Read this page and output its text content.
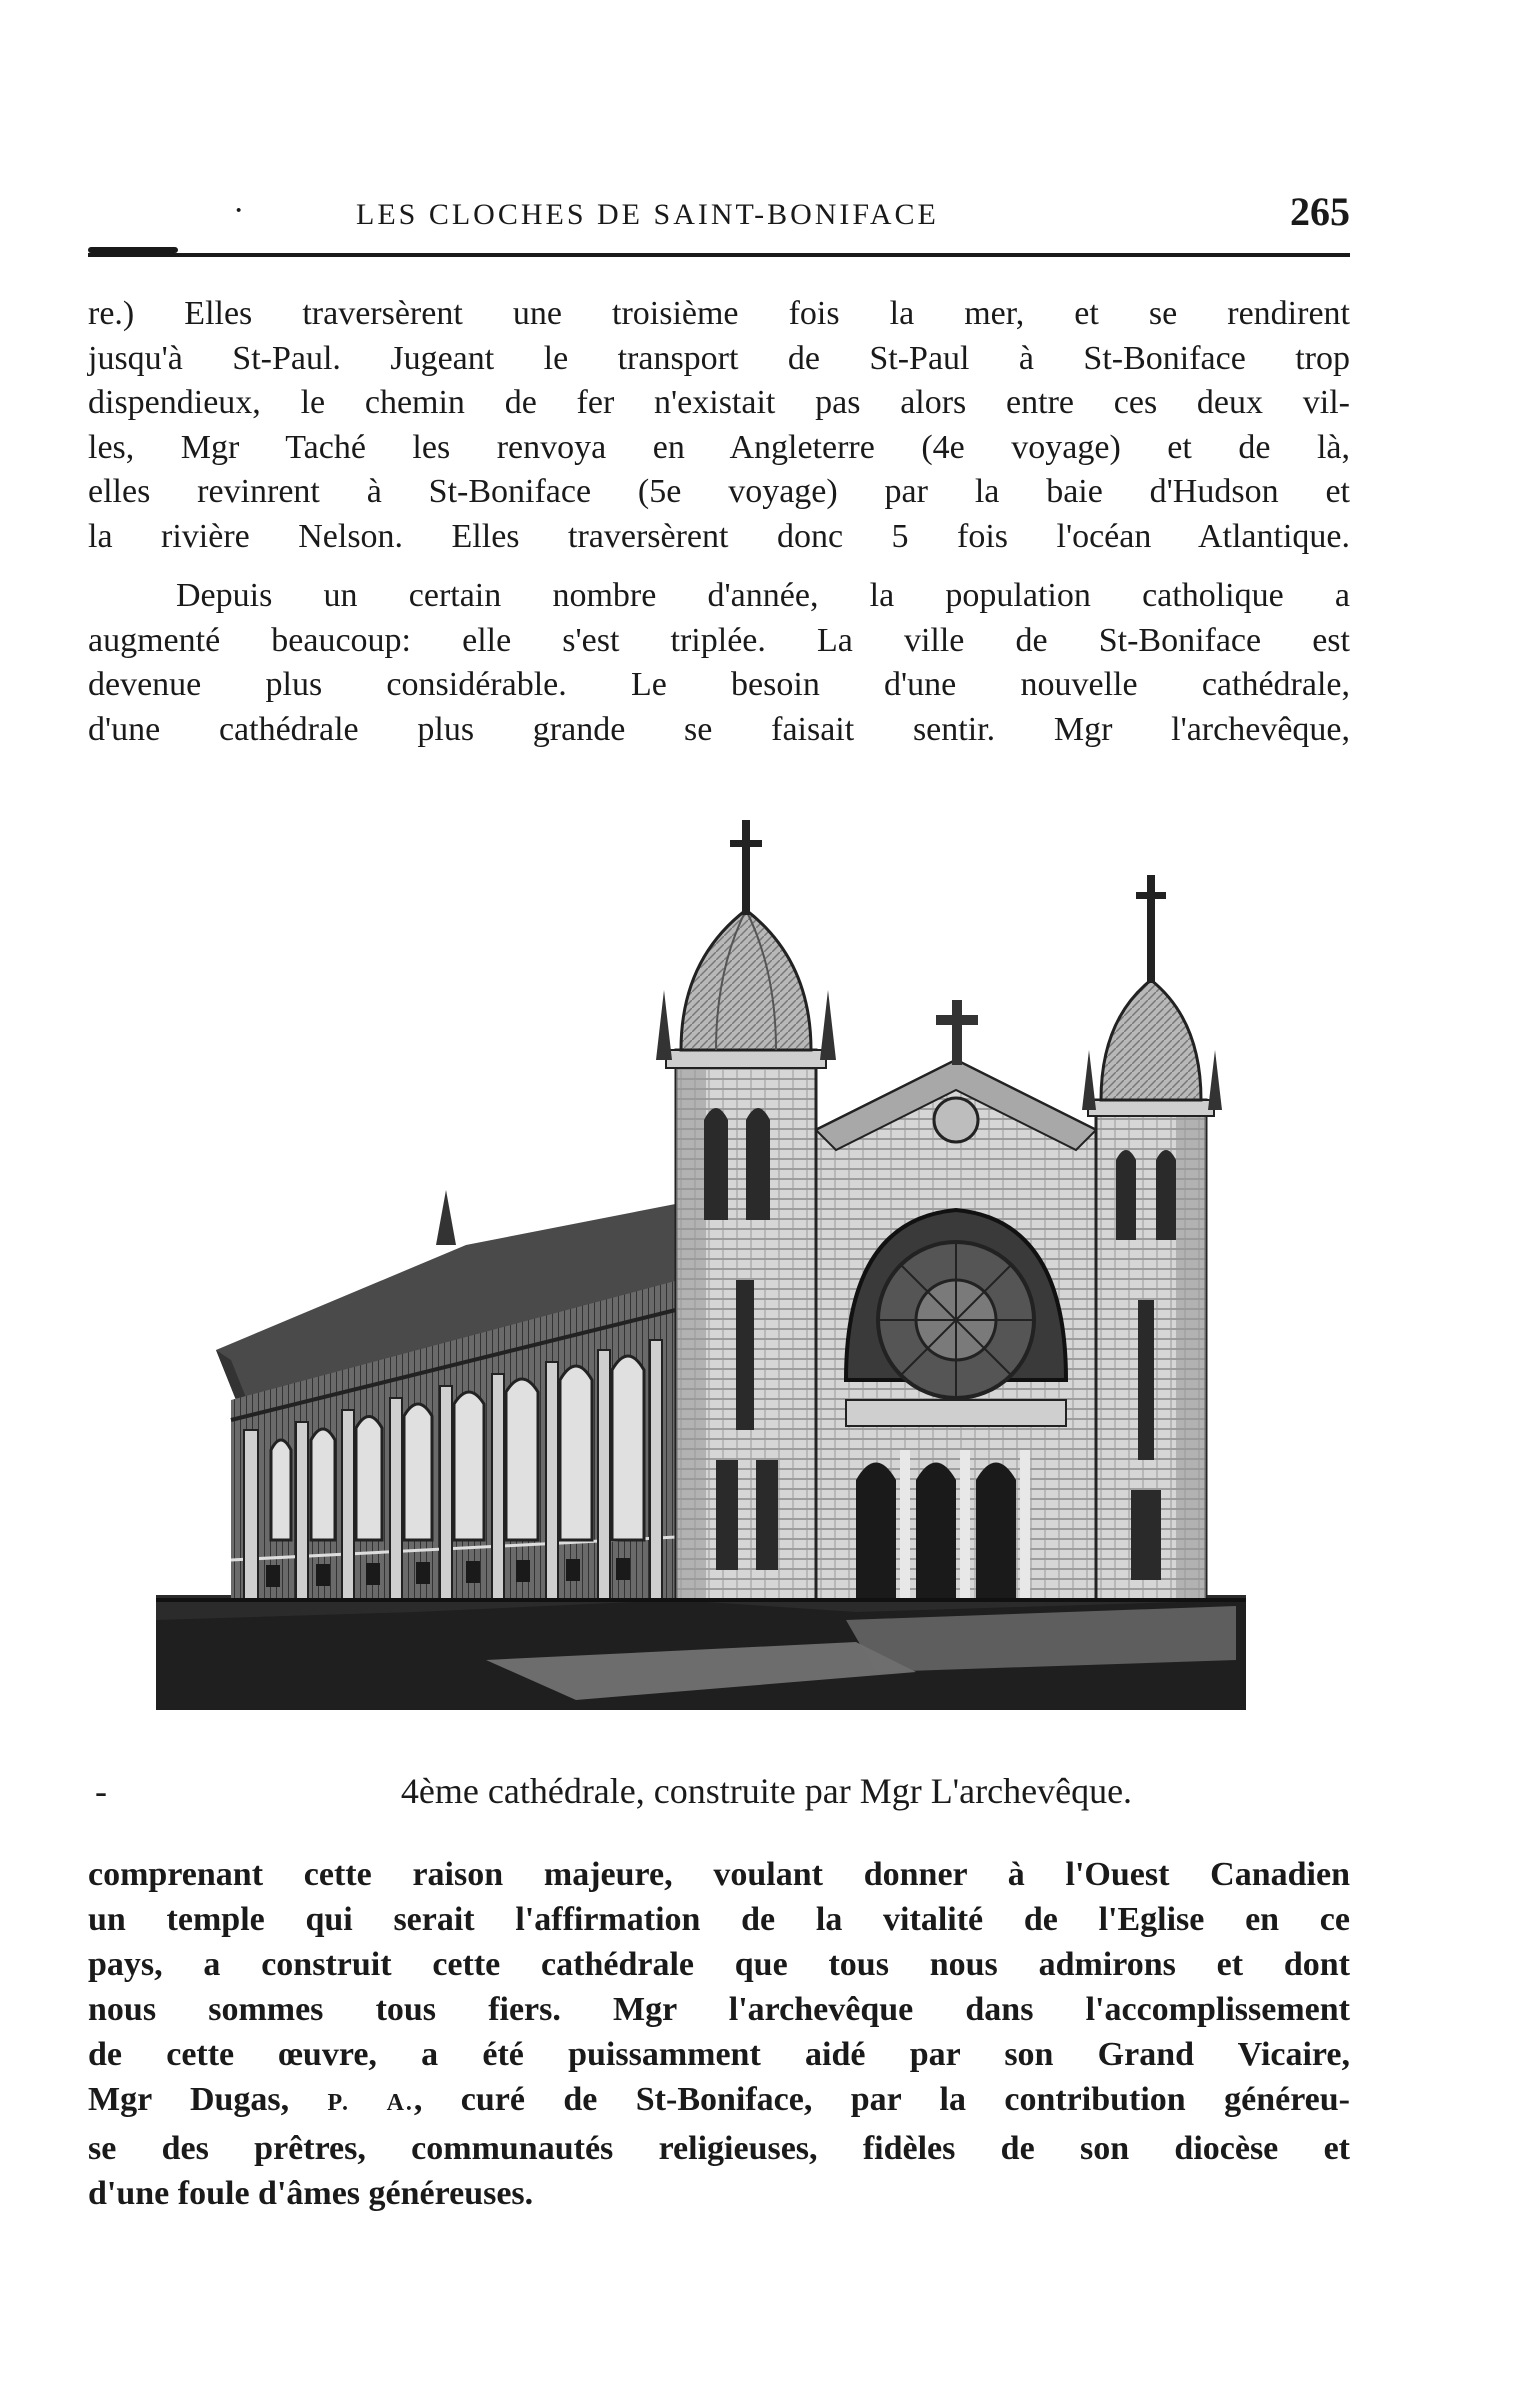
·	LES CLOCHES DE SAINT-BONIFACE	265

re.) Elles traversèrent une troisième fois la mer, et se rendirent
jusqu'à St-Paul. Jugeant le transport de St-Paul à St-Boniface trop
dispendieux, le chemin de fer n'existait pas alors entre ces deux vil-
les, Mgr Taché les renvoya en Angleterre (4e voyage) et de là,
elles revinrent à St-Boniface (5e voyage) par la baie d'Hudson et
la rivière Nelson. Elles traversèrent donc 5 fois l'océan Atlantique.

Depuis un certain nombre d'année, la population catholique a
augmenté beaucoup: elle s'est triplée. La ville de St-Boniface est
devenue plus considérable. Le besoin d'une nouvelle cathédrale,
d'une cathédrale plus grande se faisait sentir. Mgr l'archevêque,

-	4ème cathédrale, construite par Mgr L'archevêque.

comprenant cette raison majeure, voulant donner à l'Ouest Canadien
un temple qui serait l'affirmation de la vitalité de l'Eglise en ce
pays, a construit cette cathédrale que tous nous admirons et dont
nous sommes tous fiers. Mgr l'archevêque dans l'accomplissement
de cette œuvre, a été puissamment aidé par son Grand Vicaire,
Mgr Dugas, P. A., curé de St-Boniface, par la contribution généreu-
se des prêtres, communautés religieuses, fidèles de son diocèse et
d'une foule d'âmes généreuses.
